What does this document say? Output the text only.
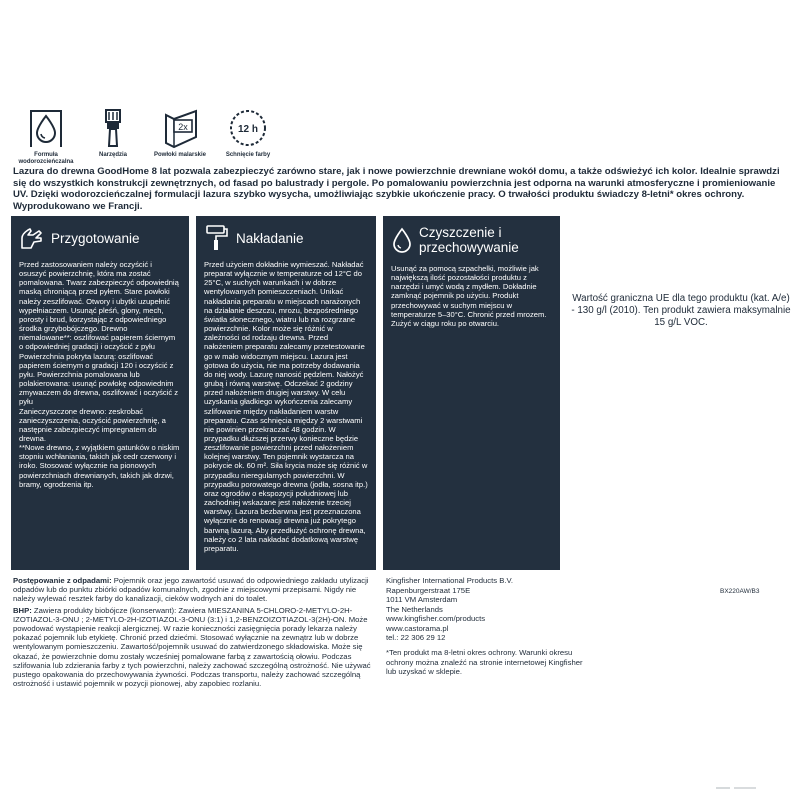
Formuła wodorozcieńczalna
Narzędzia
2x
Powłoki malarskie
12 h
Schnięcie farby

Lazura do drewna GoodHome 8 lat pozwala zabezpieczyć zarówno stare, jak i nowe powierzchnie drewniane wokół domu, a także odświeżyć ich kolor. Idealnie sprawdzi się do wszystkich konstrukcji zewnętrznych, od fasad po balustrady i pergole. Po pomalowaniu powierzchnia jest odporna na warunki atmosferyczne i promieniowanie UV. Dzięki wodorozcieńczalnej formulacji lazura szybko wysycha, umożliwiając szybkie ukończenie pracy. O trwałości produktu świadczy 8-letni* okres ochrony. Wyprodukowano we Francji.

Przygotowanie

Przed zastosowaniem należy oczyścić i osuszyć powierzchnię, która ma zostać pomalowana. Twarz zabezpieczyć odpowiednią maską chroniącą przed pyłem. Stare powłoki należy zeszlifować. Otwory i ubytki uzupełnić wypełniaczem. Usunąć pleśń, glony, mech, porosty i brud, korzystając z odpowiedniego środka grzybobójczego. Drewno niemalowane**: oszlifować papierem ściernym o odpowiedniej gradacji i oczyścić z pyłu

Powierzchnia pokryta lazurą: oszlifować papierem ściernym o gradacji 120 i oczyścić z pyłu. Powierzchnia pomalowana lub polakierowana: usunąć powłokę odpowiednim zmywaczem do drewna, oszlifować i oczyścić z pyłu

Zanieczyszczone drewno: zeskrobać zanieczyszczenia, oczyścić powierzchnię, a następnie zabezpieczyć impregnatem do drewna.

**Nowe drewno, z wyjątkiem gatunków o niskim stopniu wchłaniania, takich jak cedr czerwony i iroko. Stosować wyłącznie na pionowych powierzchniach drewnianych, takich jak drzwi, bramy, ogrodzenia itp.

Nakładanie

Przed użyciem dokładnie wymieszać. Nakładać preparat wyłącznie w temperaturze od 12°C do 25°C, w suchych warunkach i w dobrze wentylowanych pomieszczeniach. Unikać nakładania preparatu w miejscach narażonych na działanie deszczu, mrozu, bezpośredniego światła słonecznego, wiatru lub na rozgrzane powierzchnie. Kolor może się różnić w zależności od rodzaju drewna. Przed nałożeniem preparatu zalecamy przetestowanie go w mało widocznym miejscu. Lazura jest gotowa do użycia, nie ma potrzeby dodawania do niej wody. Lazurę nanosić pędzlem. Nałożyć grubą i równą warstwę. Odczekać 2 godziny przed nałożeniem drugiej warstwy. W celu uzyskania gładkiego wykończenia zalecamy szlifowanie między nakładaniem warstw preparatu. Czas schnięcia między 2 warstwami nie powinien przekraczać 48 godzin. W przypadku dłuższej przerwy konieczne będzie zeszlifowanie powierzchni przed nałożeniem kolejnej warstwy. Ten pojemnik wystarcza na pokrycie ok. 60 m². Siła krycia może się różnić w przypadku nieregularnych powierzchni. W przypadku porowatego drewna (jodła, sosna itp.) oraz ogrodów o ekspozycji południowej lub zachodniej wskazane jest nałożenie trzeciej warstwy. Lazura bezbarwna jest przeznaczona wyłącznie do renowacji drewna już pokrytego barwną lazurą. Aby przedłużyć ochronę drewna, należy co 2 lata nakładać dodatkową warstwę preparatu.

Czyszczenie i przechowywanie

Usunąć za pomocą szpachelki, możliwie jak największą ilość pozostałości produktu z narzędzi i umyć wodą z mydłem. Dokładnie zamknąć pojemnik po użyciu. Produkt przechowywać w suchym miejscu w temperaturze 5–30°C. Chronić przed mrozem. Zużyć w ciągu roku po otwarciu.

Wartość graniczna UE dla tego produktu (kat. A/e) - 130 g/l (2010). Ten produkt zawiera maksymalnie 15 g/L VOC.

Postępowanie z odpadami: Pojemnik oraz jego zawartość usuwać do odpowiedniego zakładu utylizacji odpadów lub do punktu zbiórki odpadów komunalnych, zgodnie z miejscowymi przepisami. Nigdy nie należy wylewać resztek farby do kanalizacji, cieków wodnych ani do toalet.

BHP: Zawiera produkty biobójcze (konserwant): Zawiera MIESZANINA 5-CHLORO-2-METYLO-2H-IZOTIAZOL-3-ONU ; 2-METYLO-2H-IZOTIAZOL-3-ONU (3:1) i 1,2-BENZOIZOTIAZOL-3(2H)-ON. Może powodować wystąpienie reakcji alergicznej. W razie konieczności zasięgnięcia porady lekarza należy pokazać pojemnik lub etykietę. Chronić przed dziećmi. Stosować wyłącznie na zewnątrz lub w dobrze wentylowanym pomieszczeniu. Zawartość/pojemnik usuwać do zatwierdzonego składowiska. Może się okazać, że powierzchnie domu zostały wcześniej pomalowane farbą z zawartością ołowiu. Podczas szlifowania lub zdzierania farby z tych powierzchni, należy zachować szczególną ostrożność. Nie używać pustego opakowania do przechowywania żywności. Podczas transportu, należy zachować szczególną ostrożność i ustawić pojemnik w pozycji pionowej, aby zapobiec rozlaniu.

Kingfisher International Products B.V.
Rapenburgerstraat 175E
1011 VM Amsterdam
The Netherlands
www.kingfisher.com/products
www.castorama.pl
tel.: 22 306 29 12
BX220AW/B3

*Ten produkt ma 8-letni okres ochrony. Warunki okresu ochrony można znaleźć na stronie internetowej Kingfisher lub uzyskać w sklepie.
